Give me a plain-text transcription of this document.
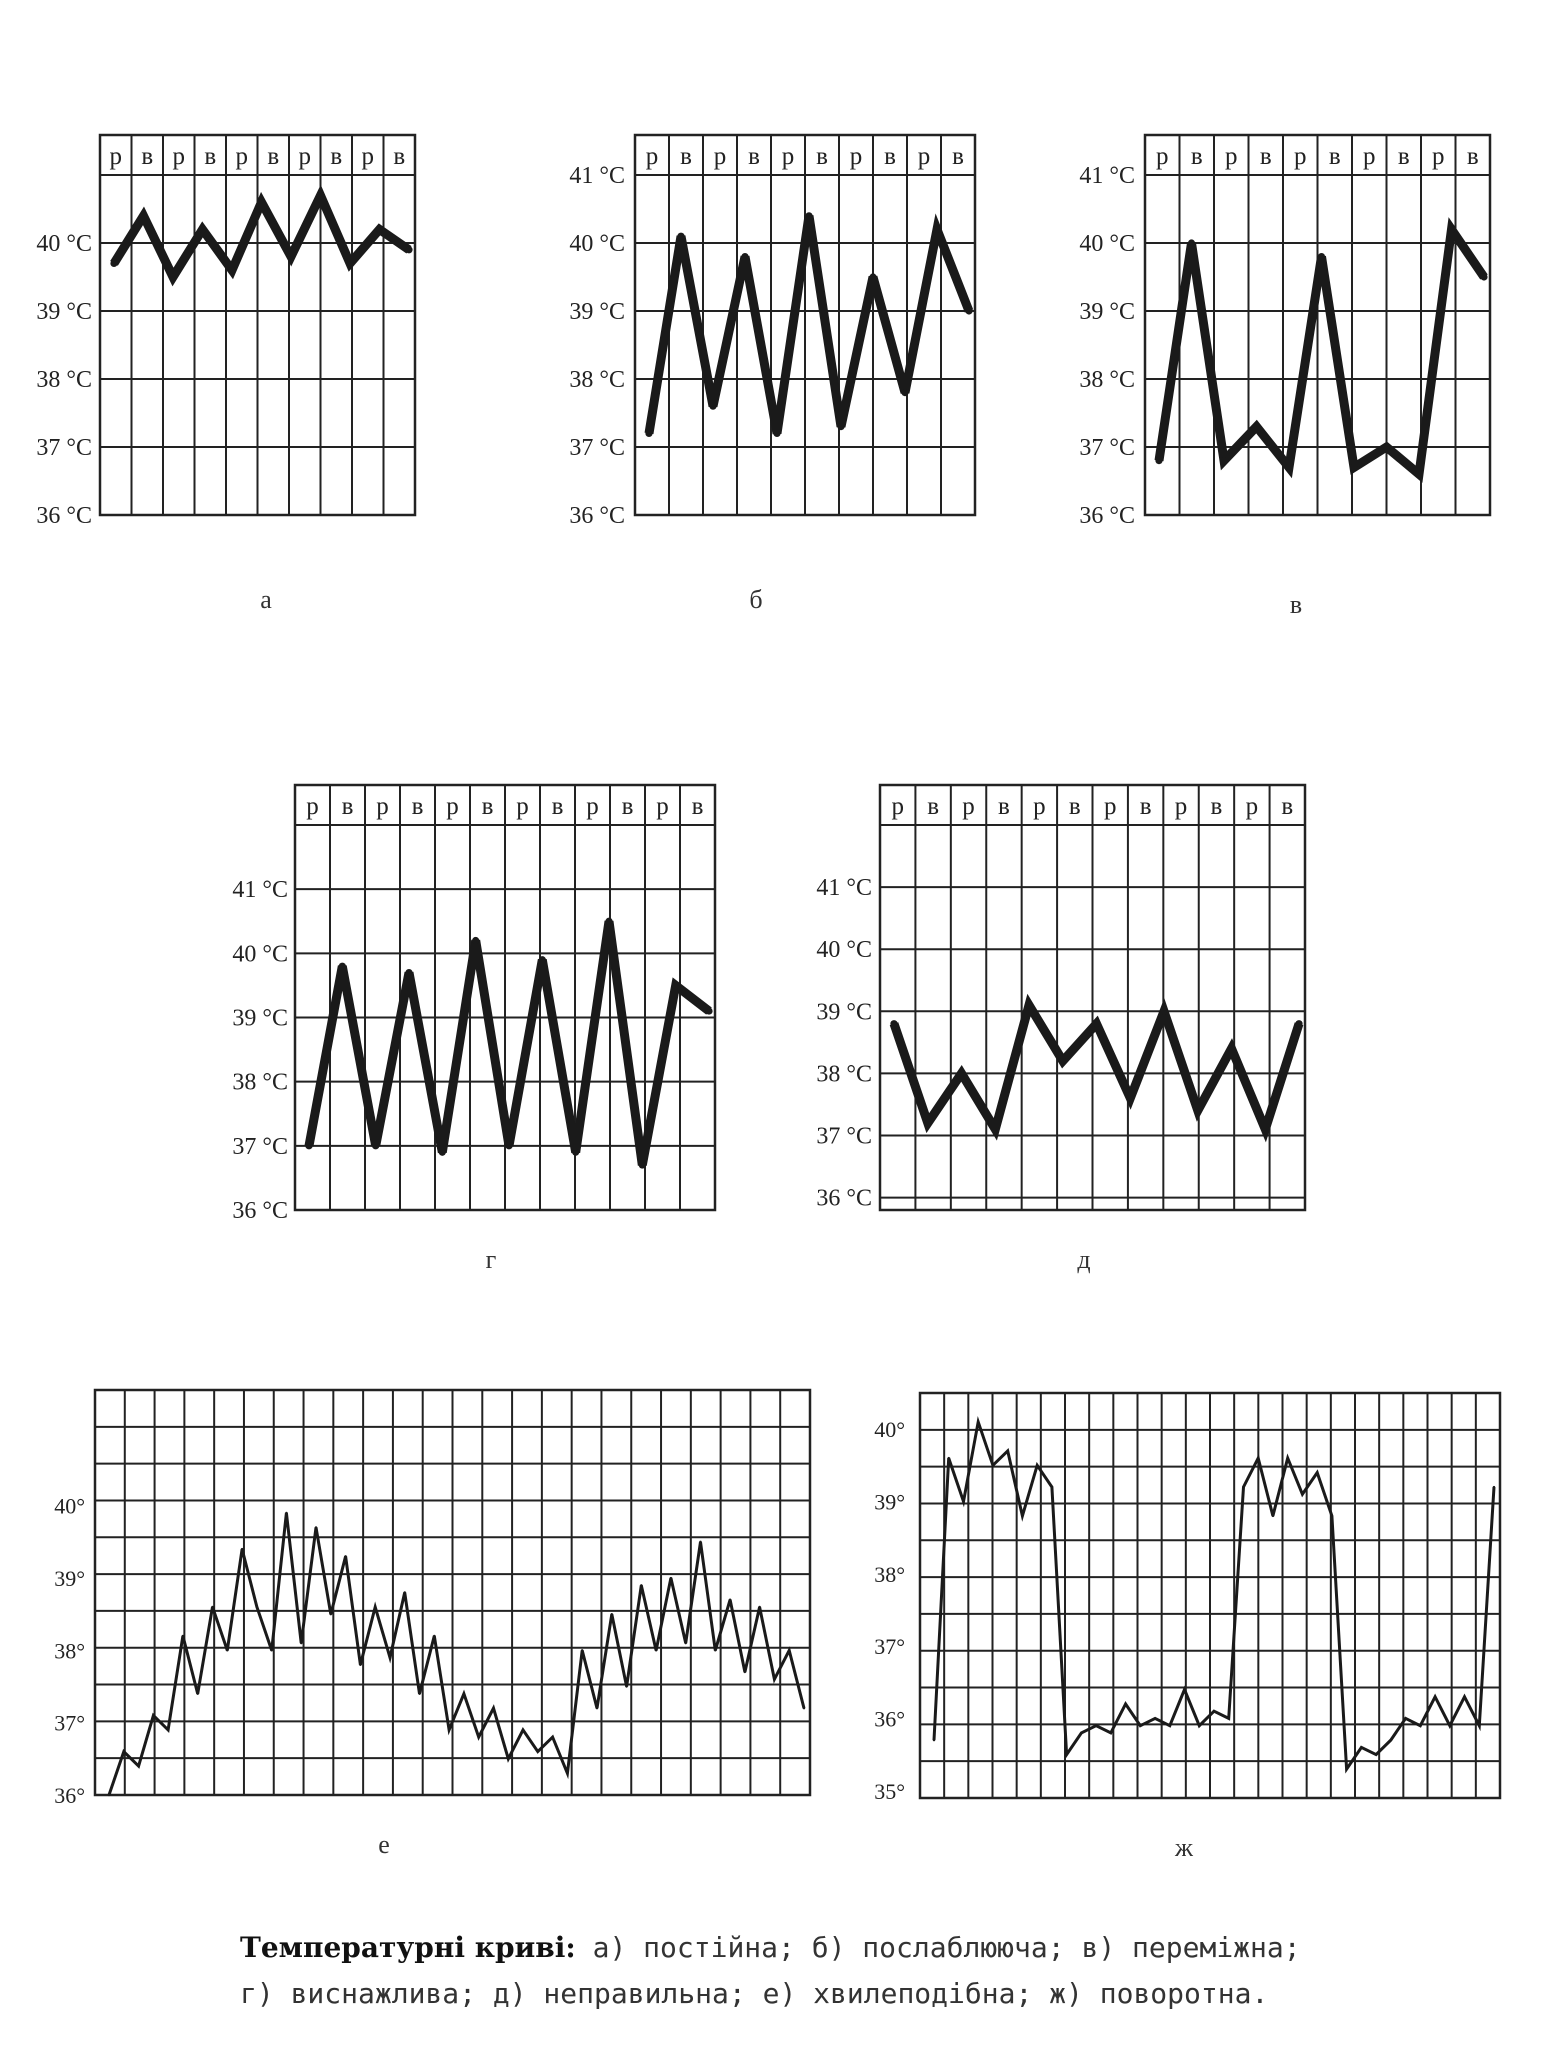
р в р в р в р в р в
36 °C
37 °C
38 °C
39 °C
40 °C
а
р в р в р в р в р в
36 °C
37 °C
38 °C
39 °C
40 °C
41 °C
б
р в р в р в р в р в
36 °C
37 °C
38 °C
39 °C
40 °C
41 °C
в
р в р в р в р в р в р в
36 °C
37 °C
38 °C
39 °C
40 °C
41 °C
г
р в р в р в р в р в р в
36 °C
37 °C
38 °C
39 °C
40 °C
41 °C
д
36°
37°
38°
39°
40°
е
35°
36°
37°
38°
39°
40°
ж
Температурні криві: а) постійна; б) послаблююча; в) переміжна;
г) виснажлива; д) неправильна; е) хвилеподібна; ж) поворотна.
